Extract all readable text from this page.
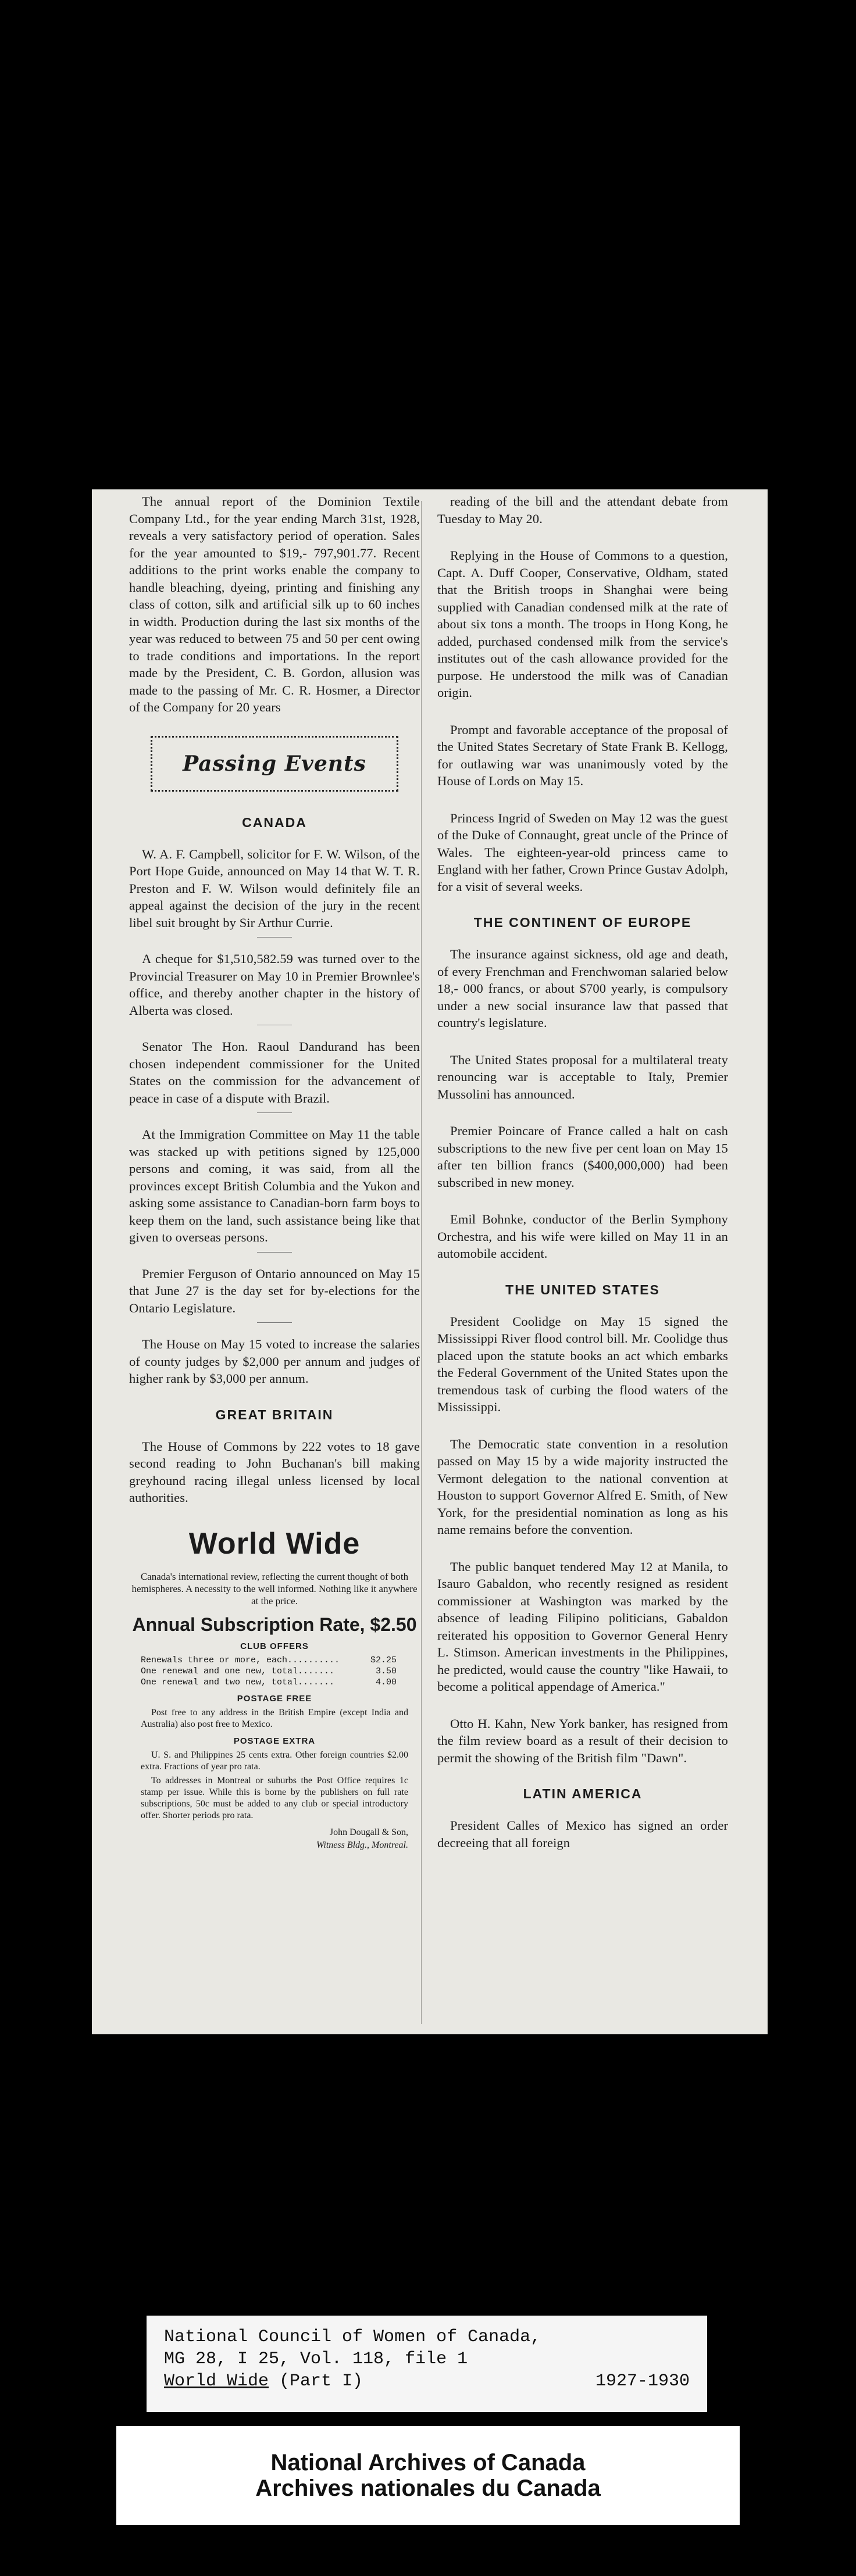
The annual report of the Dominion Textile Company Ltd., for the year ending March 31st, 1928, reveals a very satisfactory period of operation. Sales for the year amounted to $19,- 797,901.77. Recent additions to the print works enable the company to handle bleaching, dyeing, printing and finishing any class of cotton, silk and artificial silk up to 60 inches in width. Production during the last six months of the year was reduced to between 75 and 50 per cent owing to trade conditions and importations. In the report made by the President, C. B. Gordon, allusion was made to the passing of Mr. C. R. Hosmer, a Director of the Company for 20 years

Passing Events
CANADA

W. A. F. Campbell, solicitor for F. W. Wilson, of the Port Hope Guide, announced on May 14 that W. T. R. Preston and F. W. Wilson would definitely file an appeal against the decision of the jury in the recent libel suit brought by Sir Arthur Currie.

A cheque for $1,510,582.59 was turned over to the Provincial Treasurer on May 10 in Premier Brownlee's office, and thereby another chapter in the history of Alberta was closed.

Senator The Hon. Raoul Dandurand has been chosen independent commissioner for the United States on the commission for the advancement of peace in case of a dispute with Brazil.

At the Immigration Committee on May 11 the table was stacked up with petitions signed by 125,000 persons and coming, it was said, from all the provinces except British Columbia and the Yukon and asking some assistance to Canadian-born farm boys to keep them on the land, such assistance being like that given to overseas persons.

Premier Ferguson of Ontario announced on May 15 that June 27 is the day set for by-elections for the Ontario Legislature.

The House on May 15 voted to increase the salaries of county judges by $2,000 per annum and judges of higher rank by $3,000 per annum.

GREAT BRITAIN

The House of Commons by 222 votes to 18 gave second reading to John Buchanan's bill making greyhound racing illegal unless licensed by local authorities.

World Wide
Canada's international review, reflecting the current thought of both hemispheres. A necessity to the well informed. Nothing like it anywhere at the price.
Annual Subscription Rate, $2.50
CLUB OFFERS
Renewals three or more, each..........	$2.25
One renewal and one new, total.......	3.50
One renewal and two new, total.......	4.00
POSTAGE FREE

Post free to any address in the British Empire (except India and Australia) also post free to Mexico.

POSTAGE EXTRA

U. S. and Philippines 25 cents extra. Other foreign countries $2.00 extra. Fractions of year pro rata.

To addresses in Montreal or suburbs the Post Office requires 1c stamp per issue. While this is borne by the publishers on full rate subscriptions, 50c must be added to any club or special introductory offer. Shorter periods pro rata.

John Dougall & Son,
Witness Bldg., Montreal.

reading of the bill and the attendant debate from Tuesday to May 20.

Replying in the House of Commons to a question, Capt. A. Duff Cooper, Conservative, Oldham, stated that the British troops in Shanghai were being supplied with Canadian condensed milk at the rate of about six tons a month. The troops in Hong Kong, he added, purchased condensed milk from the service's institutes out of the cash allowance provided for the purpose. He understood the milk was of Canadian origin.

Prompt and favorable acceptance of the proposal of the United States Secretary of State Frank B. Kellogg, for outlawing war was unanimously voted by the House of Lords on May 15.

Princess Ingrid of Sweden on May 12 was the guest of the Duke of Connaught, great uncle of the Prince of Wales. The eighteen-year-old princess came to England with her father, Crown Prince Gustav Adolph, for a visit of several weeks.

THE CONTINENT OF EUROPE

The insurance against sickness, old age and death, of every Frenchman and Frenchwoman salaried below 18,- 000 francs, or about $700 yearly, is compulsory under a new social insurance law that passed that country's legislature.

The United States proposal for a multilateral treaty renouncing war is acceptable to Italy, Premier Mussolini has announced.

Premier Poincare of France called a halt on cash subscriptions to the new five per cent loan on May 15 after ten billion francs ($400,000,000) had been subscribed in new money.

Emil Bohnke, conductor of the Berlin Symphony Orchestra, and his wife were killed on May 11 in an automobile accident.

THE UNITED STATES

President Coolidge on May 15 signed the Mississippi River flood control bill. Mr. Coolidge thus placed upon the statute books an act which embarks the Federal Government of the United States upon the tremendous task of curbing the flood waters of the Mississippi.

The Democratic state convention in a resolution passed on May 15 by a wide majority instructed the Vermont delegation to the national convention at Houston to support Governor Alfred E. Smith, of New York, for the presidential nomination as long as his name remains before the convention.

The public banquet tendered May 12 at Manila, to Isauro Gabaldon, who recently resigned as resident commissioner at Washington was marked by the absence of leading Filipino politicians, Gabaldon reiterated his opposition to Governor General Henry L. Stimson. American investments in the Philippines, he predicted, would cause the country "like Hawaii, to become a political appendage of America."

Otto H. Kahn, New York banker, has resigned from the film review board as a result of their decision to permit the showing of the British film "Dawn".

LATIN AMERICA

President Calles of Mexico has signed an order decreeing that all foreign

National Council of Women of Canada,
MG 28, I 25, Vol. 118, file 1
World Wide (Part I)	1927-1930
National Archives of Canada
Archives nationales du Canada
